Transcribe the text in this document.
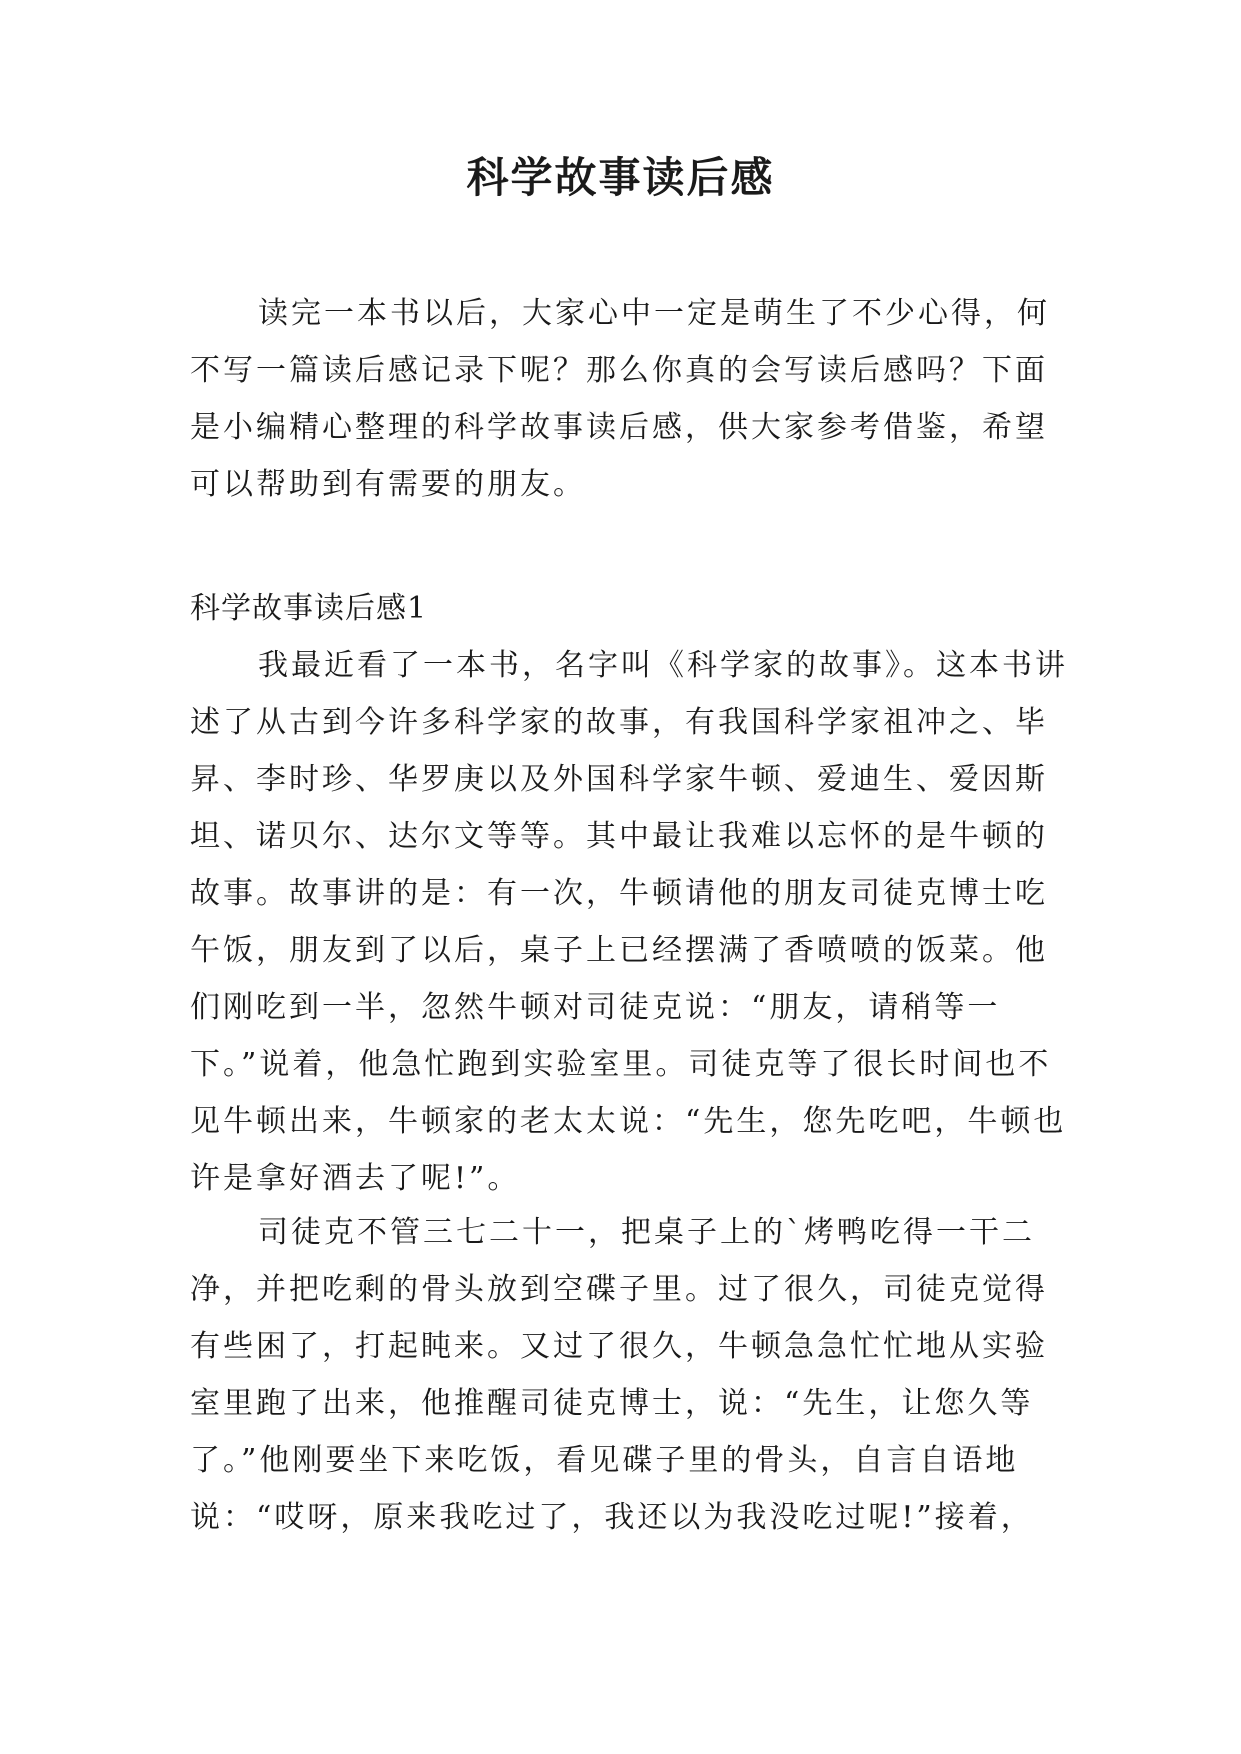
科学故事读后感

读完一本书以后，大家心中一定是萌生了不少心得，何不写一篇读后感记录下呢？那么你真的会写读后感吗？下面是小编精心整理的科学故事读后感，供大家参考借鉴，希望可以帮助到有需要的朋友。

科学故事读后感1

我最近看了一本书，名字叫《科学家的故事》。这本书讲述了从古到今许多科学家的故事，有我国科学家祖冲之、毕昇、李时珍、华罗庚以及外国科学家牛顿、爱迪生、爱因斯坦、诺贝尔、达尔文等等。其中最让我难以忘怀的是牛顿的故事。故事讲的是：有一次，牛顿请他的朋友司徒克博士吃午饭，朋友到了以后，桌子上已经摆满了香喷喷的饭菜。他们刚吃到一半，忽然牛顿对司徒克说：“朋友，请稍等一下。”说着，他急忙跑到实验室里。司徒克等了很长时间也不见牛顿出来，牛顿家的老太太说：“先生，您先吃吧，牛顿也许是拿好酒去了呢!”。

司徒克不管三七二十一，把桌子上的`烤鸭吃得一干二净，并把吃剩的骨头放到空碟子里。过了很久，司徒克觉得有些困了，打起盹来。又过了很久，牛顿急急忙忙地从实验室里跑了出来，他推醒司徒克博士，说：“先生，让您久等了。”他刚要坐下来吃饭，看见碟子里的骨头，自言自语地说：“哎呀，原来我吃过了，我还以为我没吃过呢!”接着，
